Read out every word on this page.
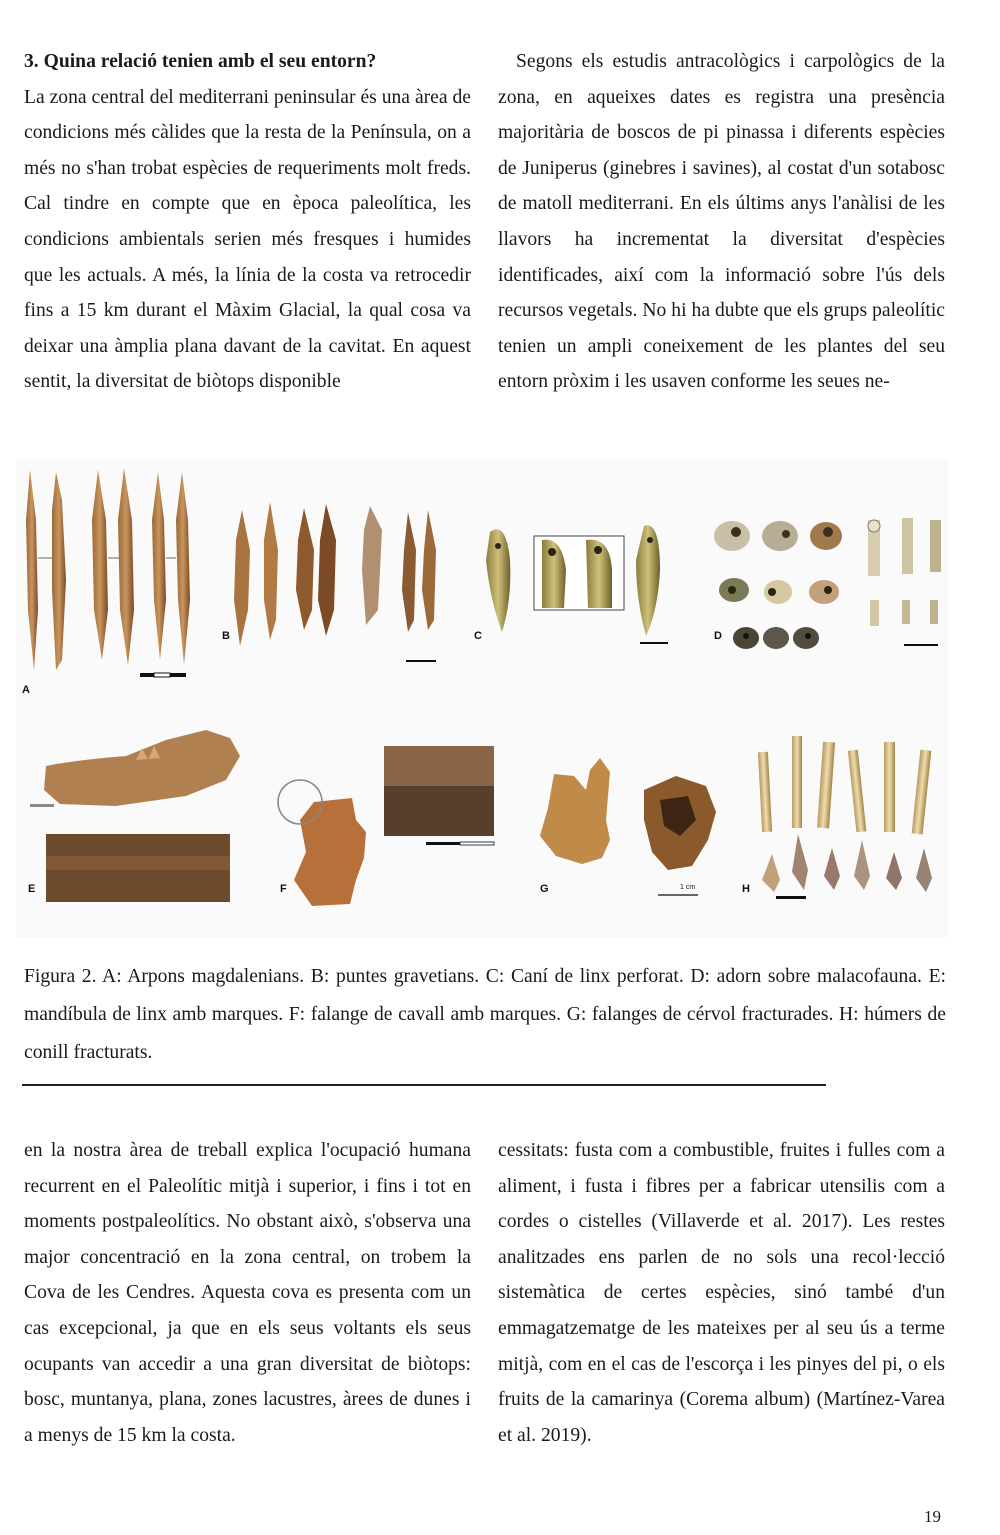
3. Quina relació tenien amb el seu entorn?

La zona central del mediterrani peninsular és una àrea de condicions més càlides que la resta de la Península, on a més no s'han trobat espècies de requeriments molt freds. Cal tindre en compte que en època paleolítica, les condicions ambientals serien més fresques i humides que les actuals. A més, la línia de la costa va retrocedir fins a 15 km durant el Màxim Glacial, la qual cosa va deixar una àmplia plana davant de la cavitat. En aquest sentit, la diversitat de biòtops disponible

Segons els estudis antracològics i carpològics de la zona, en aqueixes dates es registra una presència majoritària de boscos de pi pinassa i diferents espècies de Juniperus (ginebres i savines), al costat d'un sotabosc de matoll mediterrani. En els últims anys l'anàlisi de les llavors ha incrementat la diversitat d'espècies identificades, així com la informació sobre l'ús dels recursos vegetals. No hi ha dubte que els grups paleolític tenien un ampli coneixement de les plantes del seu entorn pròxim i les usaven conforme les seues ne-

A
B	C	D
E	F	G	H
1 cm
Figura 2. A: Arpons magdalenians. B: puntes gravetians. C: Caní de linx perforat. D: adorn sobre malacofauna. E: mandíbula de linx amb marques. F: falange de cavall amb marques. G: falanges de cérvol fracturades. H: húmers de conill fracturats.

en la nostra àrea de treball explica l'ocupació humana recurrent en el Paleolític mitjà i superior, i fins i tot en moments postpaleolítics. No obstant això, s'observa una major concentració en la zona central, on trobem la Cova de les Cendres. Aquesta cova es presenta com un cas excepcional, ja que en els seus voltants els seus ocupants van accedir a una gran diversitat de biòtops: bosc, muntanya, plana, zones lacustres, àrees de dunes i a menys de 15 km la costa.

cessitats: fusta com a combustible, fruites i fulles com a aliment, i fusta i fibres per a fabricar utensilis com a cordes o cistelles (Villaverde et al. 2017). Les restes analitzades ens parlen de no sols una recol·lecció sistemàtica de certes espècies, sinó també d'un emmagatzematge de les mateixes per al seu ús a terme mitjà, com en el cas de l'escorça i les pinyes del pi, o els fruits de la camarinya (Corema album) (Martínez-Varea et al. 2019).

19
